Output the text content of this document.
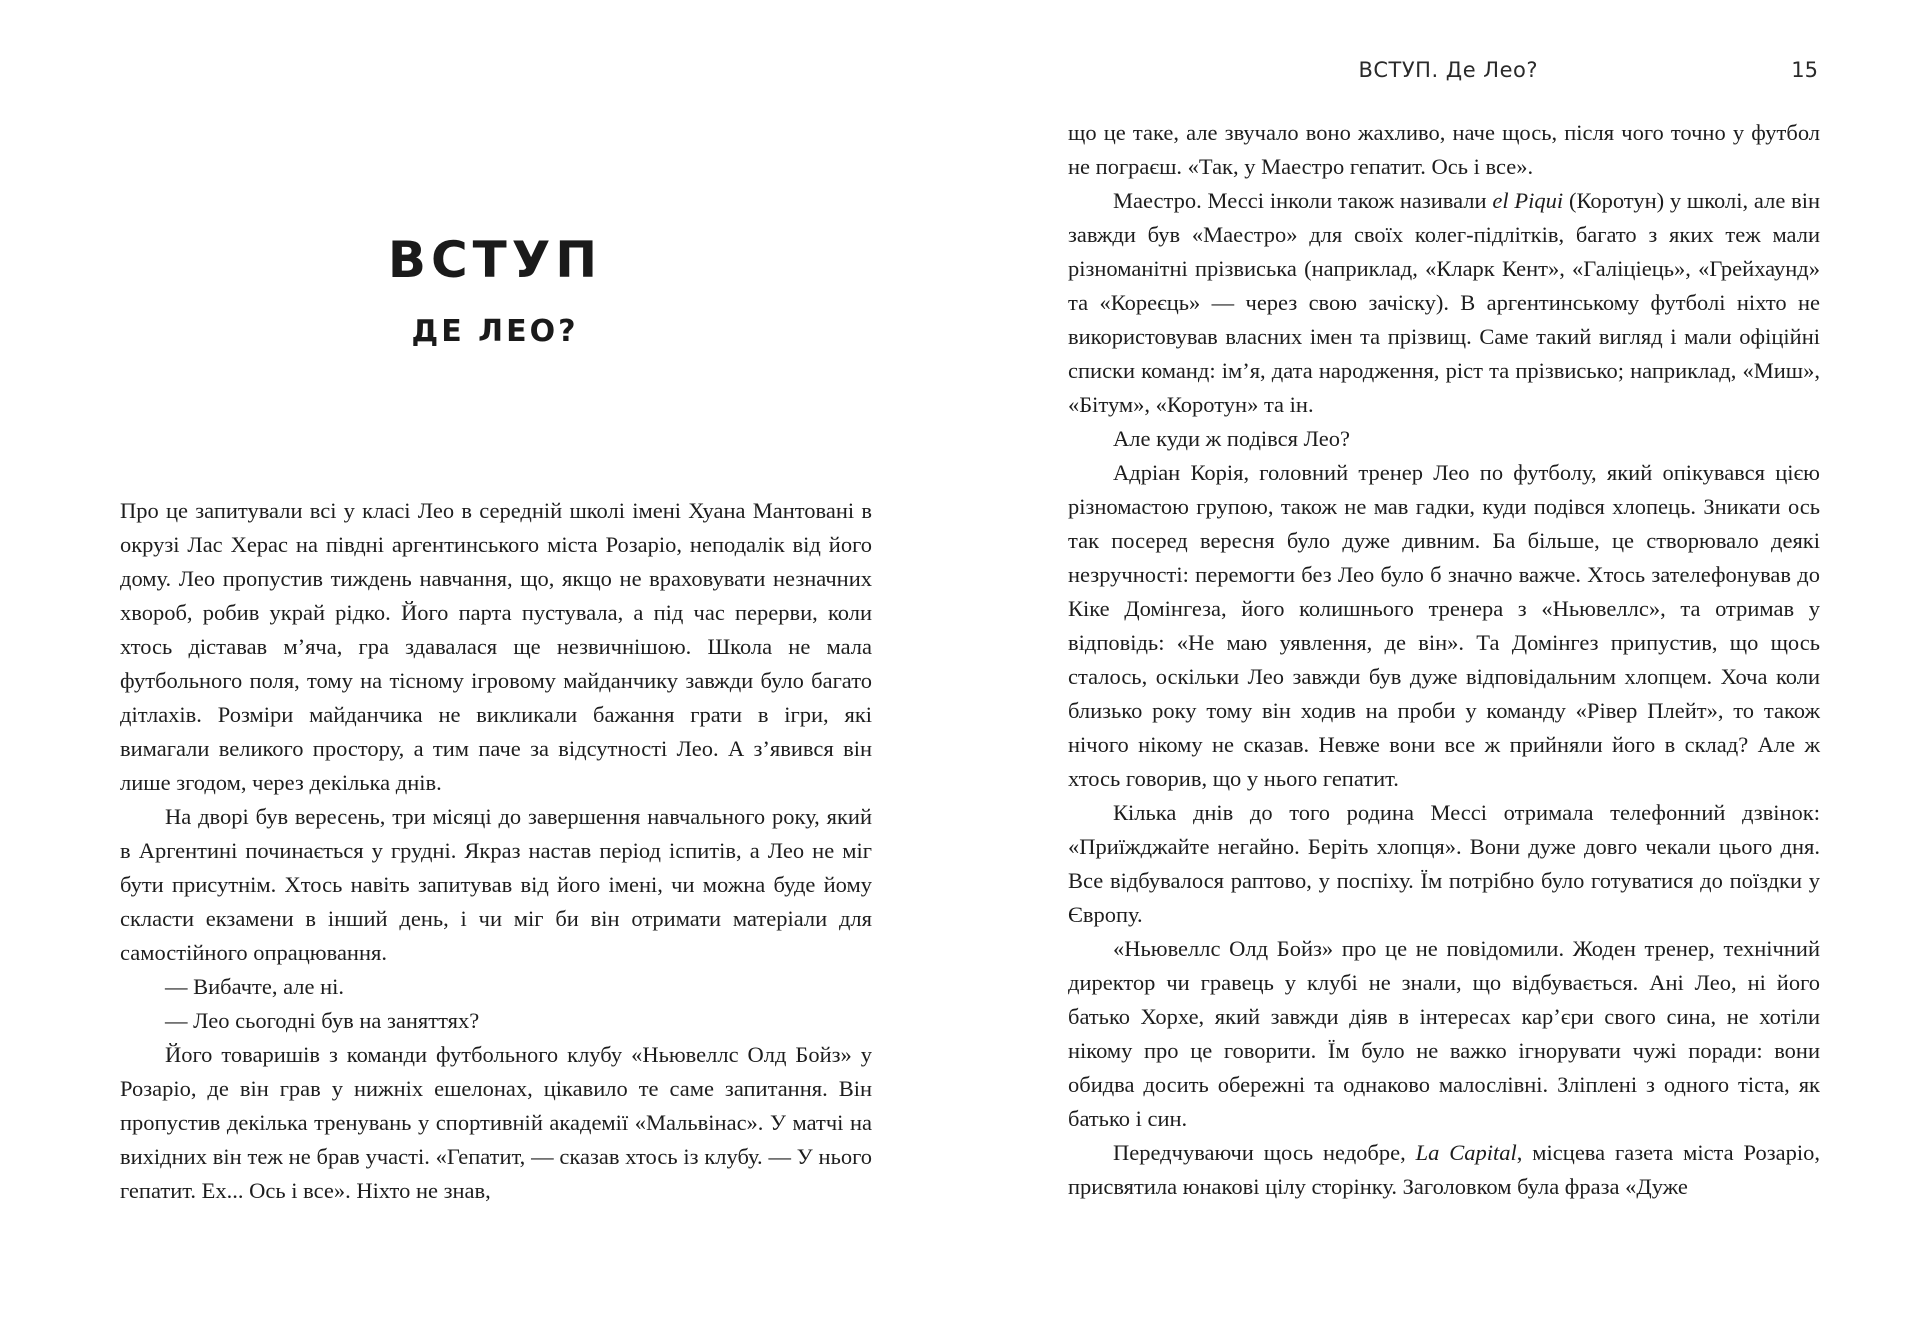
ВСТУП
ДЕ ЛЕО?

Про це запитували всі у класі Лео в середній школі імені Хуана Мантовані в окрузі Лас Херас на півдні аргентинського міста Розаріо, неподалік від його дому. Лео пропустив тиждень навчання, що, якщо не враховувати незначних хвороб, робив украй рідко. Його парта пустувала, а під час перерви, коли хтось діставав м’яча, гра здавалася ще незвичнішою. Школа не мала футбольного поля, тому на тісному ігровому майданчику завжди було багато дітлахів. Розміри майданчика не викликали бажання грати в ігри, які вимагали великого простору, а тим паче за відсутності Лео. А з’явився він лише згодом, через декілька днів.

На дворі був вересень, три місяці до завершення навчального року, який в Аргентині починається у грудні. Якраз настав період іспитів, а Лео не міг бути присутнім. Хтось навіть запитував від його імені, чи можна буде йому скласти екзамени в інший день, і чи міг би він отримати матеріали для самостійного опрацювання.

— Вибачте, але ні.

— Лео сьогодні був на заняттях?

Його товаришів з команди футбольного клубу «Ньювеллс Олд Бойз» у Розаріо, де він грав у нижніх ешелонах, цікавило те саме запитання. Він пропустив декілька тренувань у спортивній академії «Мальвінас». У матчі на вихідних він теж не брав участі. «Гепатит, — сказав хтось із клубу. — У нього гепатит. Ех... Ось і все». Ніхто не знав,

ВСТУП. Де Лео?	15

що це таке, але звучало воно жахливо, наче щось, після чого точно у футбол не пограєш. «Так, у Маестро гепатит. Ось і все».

Маестро. Мессі інколи також називали el Piqui (Коротун) у школі, але він завжди був «Маестро» для своїх колег-підлітків, багато з яких теж мали різноманітні прізвиська (наприклад, «Кларк Кент», «Галіціець», «Грейхаунд» та «Кореєць» — через свою зачіску). В аргентинському футболі ніхто не використовував власних імен та прізвищ. Саме такий вигляд і мали офіційні списки команд: ім’я, дата народження, ріст та прізвисько; наприклад, «Миш», «Бітум», «Коротун» та ін.

Але куди ж подівся Лео?

Адріан Корія, головний тренер Лео по футболу, який опікувався цією різномастою групою, також не мав гадки, куди подівся хлопець. Зникати ось так посеред вересня було дуже дивним. Ба більше, це створювало деякі незручності: перемогти без Лео було б значно важче. Хтось зателефонував до Кіке Домінгеза, його колишнього тренера з «Ньювеллс», та отримав у відповідь: «Не маю уявлення, де він». Та Домінгез припустив, що щось сталось, оскільки Лео завжди був дуже відповідальним хлопцем. Хоча коли близько року тому він ходив на проби у команду «Рівер Плейт», то також нічого нікому не сказав. Невже вони все ж прийняли його в склад? Але ж хтось говорив, що у нього гепатит.

Кілька днів до того родина Мессі отримала телефонний дзвінок: «Приїжджайте негайно. Беріть хлопця». Вони дуже довго чекали цього дня. Все відбувалося раптово, у поспіху. Їм потрібно було готуватися до поїздки у Європу.

«Ньювеллс Олд Бойз» про це не повідомили. Жоден тренер, технічний директор чи гравець у клубі не знали, що відбувається. Ані Лео, ні його батько Хорхе, який завжди діяв в інтересах кар’єри свого сина, не хотіли нікому про це говорити. Їм було не важко ігнорувати чужі поради: вони обидва досить обережні та однаково малослівні. Зліплені з одного тіста, як батько і син.

Передчуваючи щось недобре, La Capital, місцева газета міста Розаріо, присвятила юнакові цілу сторінку. Заголовком була фраза «Дуже
